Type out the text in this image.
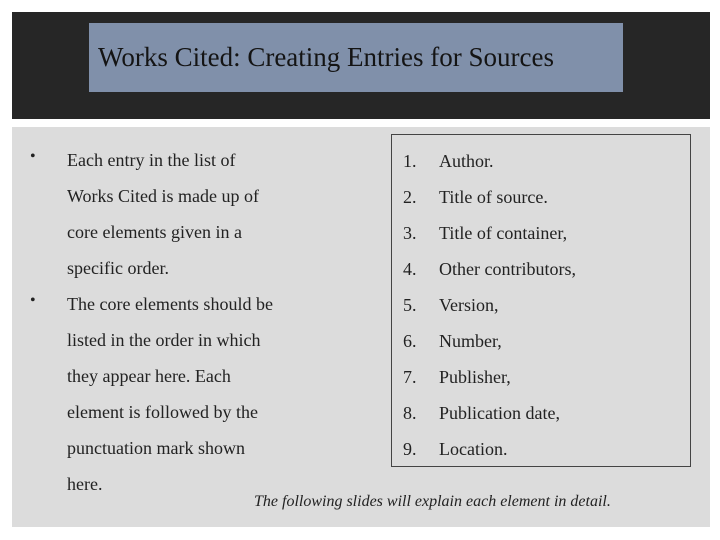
Works Cited: Creating Entries for Sources
• Each entry in the list of
Works Cited is made up of
core elements given in a
specific order.
• The core elements should be
listed in the order in which
they appear here. Each
element is followed by the
punctuation mark shown
here.
1. Author.
2. Title of source.
3. Title of container,
4. Other contributors,
5. Version,
6. Number,
7. Publisher,
8. Publication date,
9. Location.
The following slides will explain each element in detail.
